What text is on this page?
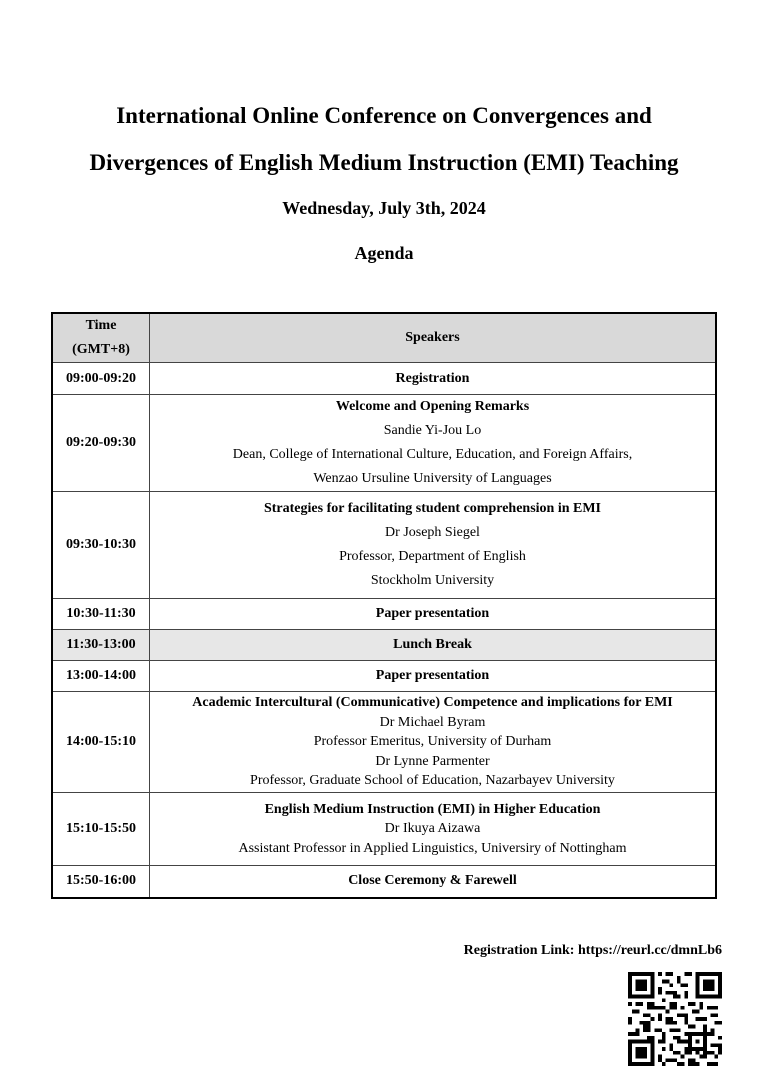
International Online Conference on Convergences and
Divergences of English Medium Instruction (EMI) Teaching
Wednesday, July 3th, 2024
Agenda
Time
(GMT+8)	Speakers
09:00-09:20	Registration
09:20-09:30	Welcome and Opening Remarks
Sandie Yi-Jou Lo
Dean, College of International Culture, Education, and Foreign Affairs,
Wenzao Ursuline University of Languages

09:30-10:30	Strategies for facilitating student comprehension in EMI
Dr Joseph Siegel
Professor, Department of English
Stockholm University

10:30-11:30	Paper presentation
11:30-13:00	Lunch Break
13:00-14:00	Paper presentation
14:00-15:10	Academic Intercultural (Communicative) Competence and implications for EMI
Dr Michael Byram
Professor Emeritus, University of Durham
Dr Lynne Parmenter
Professor, Graduate School of Education, Nazarbayev University

15:10-15:50	English Medium Instruction (EMI) in Higher Education
Dr Ikuya Aizawa
Assistant Professor in Applied Linguistics, Universiry of Nottingham

15:50-16:00	Close Ceremony & Farewell
Registration Link: https://reurl.cc/dmnLb6
